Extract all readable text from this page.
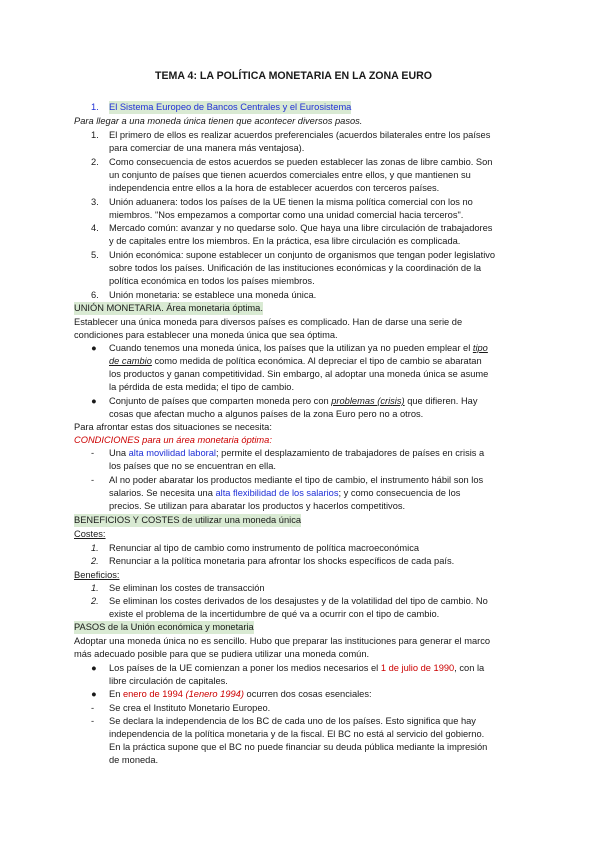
TEMA 4: LA POLÍTICA MONETARIA EN LA ZONA EURO
1. El Sistema Europeo de Bancos Centrales y el Eurosistema
Para llegar a una moneda única tienen que acontecer diversos pasos.
1. El primero de ellos es realizar acuerdos preferenciales (acuerdos bilaterales entre los países
para comerciar de una manera más ventajosa).
2. Como consecuencia de estos acuerdos se pueden establecer las zonas de libre cambio. Son
un conjunto de países que tienen acuerdos comerciales entre ellos, y que mantienen su
independencia entre ellos a la hora de establecer acuerdos con terceros países.
3. Unión aduanera: todos los países de la UE tienen la misma política comercial con los no
miembros. "Nos empezamos a comportar como una unidad comercial hacia terceros".
4. Mercado común: avanzar y no quedarse solo. Que haya una libre circulación de trabajadores
y de capitales entre los miembros. En la práctica, esa libre circulación es complicada.
5. Unión económica: supone establecer un conjunto de organismos que tengan poder legislativo
sobre todos los países. Unificación de las instituciones económicas y la coordinación de la
política económica en todos los países miembros.
6. Unión monetaria: se establece una moneda única.
UNIÓN MONETARIA. Área monetaria óptima.
Establecer una única moneda para diversos países es complicado. Han de darse una serie de
condiciones para establecer una moneda única que sea óptima.
● Cuando tenemos una moneda única, los países que la utilizan ya no pueden emplear el tipo
de cambio como medida de política económica. Al depreciar el tipo de cambio se abaratan
los productos y ganan competitividad. Sin embargo, al adoptar una moneda única se asume
la pérdida de esta medida; el tipo de cambio.
● Conjunto de países que comparten moneda pero con problemas (crisis) que difieren. Hay
cosas que afectan mucho a algunos países de la zona Euro pero no a otros.
Para afrontar estas dos situaciones se necesita:
CONDICIONES para un área monetaria óptima:
- Una alta movilidad laboral; permite el desplazamiento de trabajadores de países en crisis a
los países que no se encuentran en ella.
- Al no poder abaratar los productos mediante el tipo de cambio, el instrumento hábil son los
salarios. Se necesita una alta flexibilidad de los salarios; y como consecuencia de los
precios. Se utilizan para abaratar los productos y hacerlos competitivos.
BENEFICIOS Y COSTES de utilizar una moneda única
Costes:
1. Renunciar al tipo de cambio como instrumento de política macroeconómica
2. Renunciar a la política monetaria para afrontar los shocks específicos de cada país.
Beneficios:
1. Se eliminan los costes de transacción
2. Se eliminan los costes derivados de los desajustes y de la volatilidad del tipo de cambio. No
existe el problema de la incertidumbre de qué va a ocurrir con el tipo de cambio.
PASOS de la Unión económica y monetaria
Adoptar una moneda única no es sencillo. Hubo que preparar las instituciones para generar el marco
más adecuado posible para que se pudiera utilizar una moneda común.
● Los países de la UE comienzan a poner los medios necesarios el 1 de julio de 1990, con la
libre circulación de capitales.
● En enero de 1994 (1enero 1994) ocurren dos cosas esenciales:
- Se crea el Instituto Monetario Europeo.
- Se declara la independencia de los BC de cada uno de los países. Esto significa que hay
independencia de la política monetaria y de la fiscal. El BC no está al servicio del gobierno.
En la práctica supone que el BC no puede financiar su deuda pública mediante la impresión
de moneda.
